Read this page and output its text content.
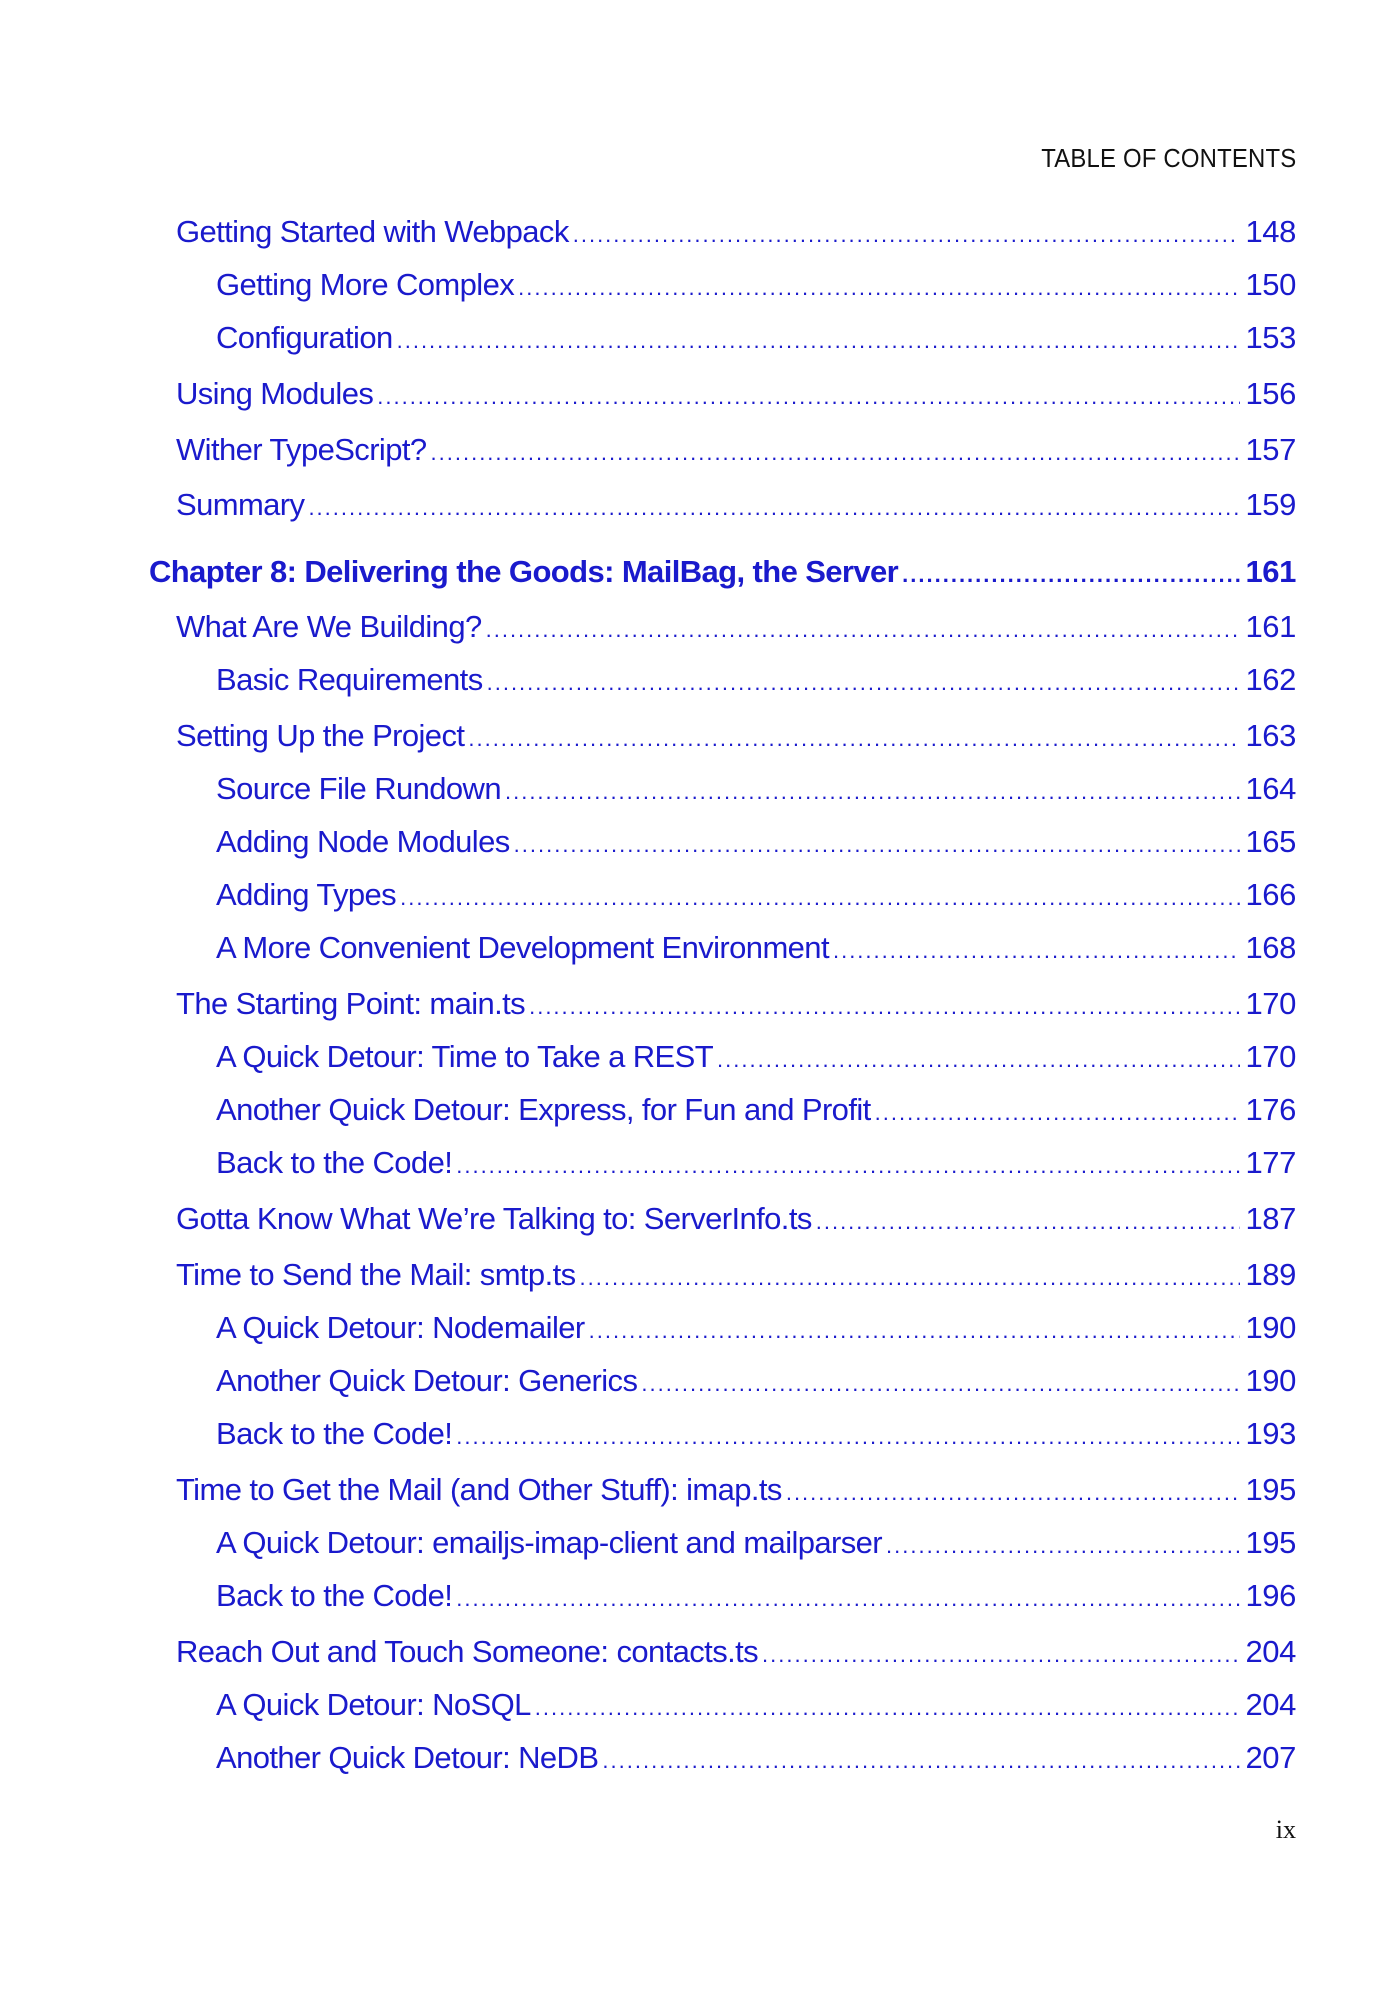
TABLE OF CONTENTS
Getting Started with Webpack .....	148
Getting More Complex .....	150
Configuration .....	153
Using Modules .....	156
Wither TypeScript? .....	157
Summary .....	159
Chapter 8: Delivering the Goods: MailBag, the Server .....	161
What Are We Building? .....	161
Basic Requirements .....	162
Setting Up the Project .....	163
Source File Rundown .....	164
Adding Node Modules .....	165
Adding Types .....	166
A More Convenient Development Environment .....	168
The Starting Point: main.ts .....	170
A Quick Detour: Time to Take a REST .....	170
Another Quick Detour: Express, for Fun and Profit .....	176
Back to the Code! .....	177
Gotta Know What We’re Talking to: ServerInfo.ts .....	187
Time to Send the Mail: smtp.ts .....	189
A Quick Detour: Nodemailer .....	190
Another Quick Detour: Generics .....	190
Back to the Code! .....	193
Time to Get the Mail (and Other Stuff): imap.ts .....	195
A Quick Detour: emailjs-imap-client and mailparser .....	195
Back to the Code! .....	196
Reach Out and Touch Someone: contacts.ts .....	204
A Quick Detour: NoSQL .....	204
Another Quick Detour: NeDB .....	207
ix
